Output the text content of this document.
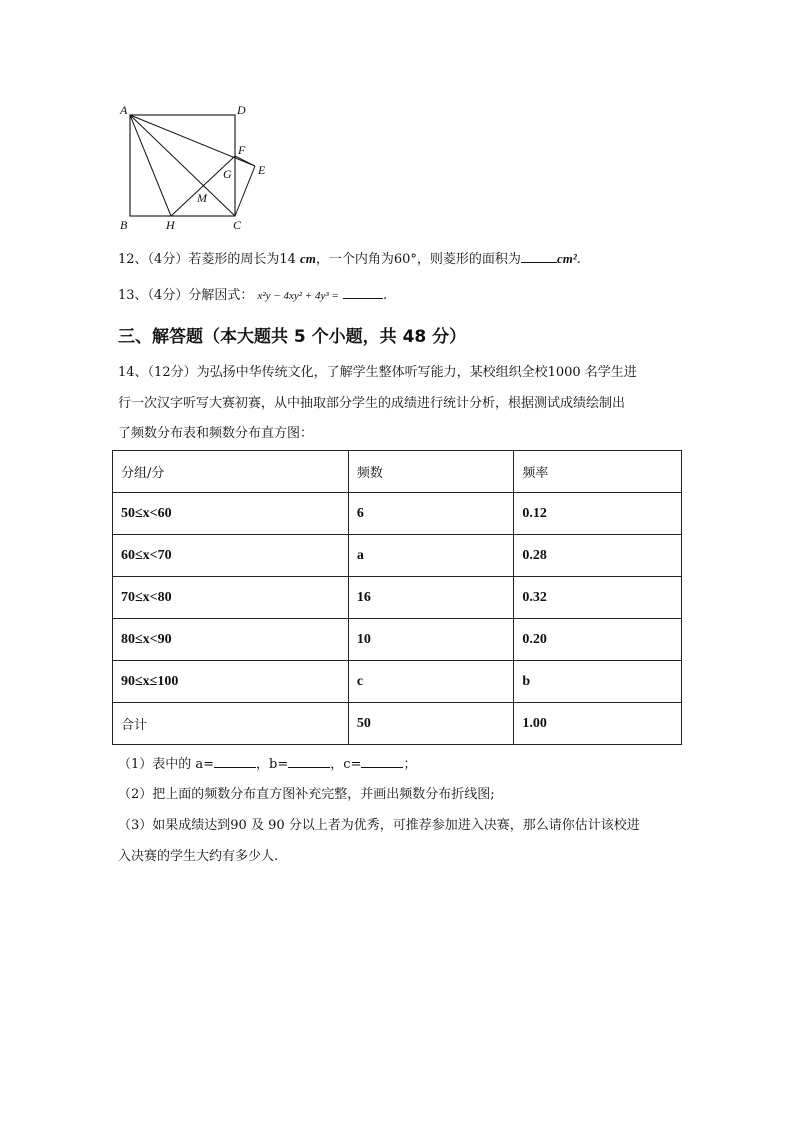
A	D
F
G E
M
B	H	C
12、（4分）若菱形的周长为14 cm，一个内角为60°，则菱形的面积为	cm².
13、（4分）分解因式： x²y − 4xy² + 4y³ =	.
三、解答题（本大题共 5 个小题，共 48 分）
14、（12分）为弘扬中华传统文化，了解学生整体听写能力，某校组织全校1000 名学生进
行一次汉字听写大赛初赛，从中抽取部分学生的成绩进行统计分析，根据测试成绩绘制出
了频数分布表和频数分布直方图：
分组/分	频数	频率
50≤x<60	6	0.12
60≤x<70	a	0.28
70≤x<80	16	0.32
80≤x<90	10	0.20
90≤x≤100	c	b
合计	50	1.00
（1）表中的 a=	，b=	，c=	；
（2）把上面的频数分布直方图补充完整，并画出频数分布折线图;
（3）如果成绩达到90 及 90 分以上者为优秀，可推荐参加进入决赛，那么请你估计该校进
入决赛的学生大约有多少人.
